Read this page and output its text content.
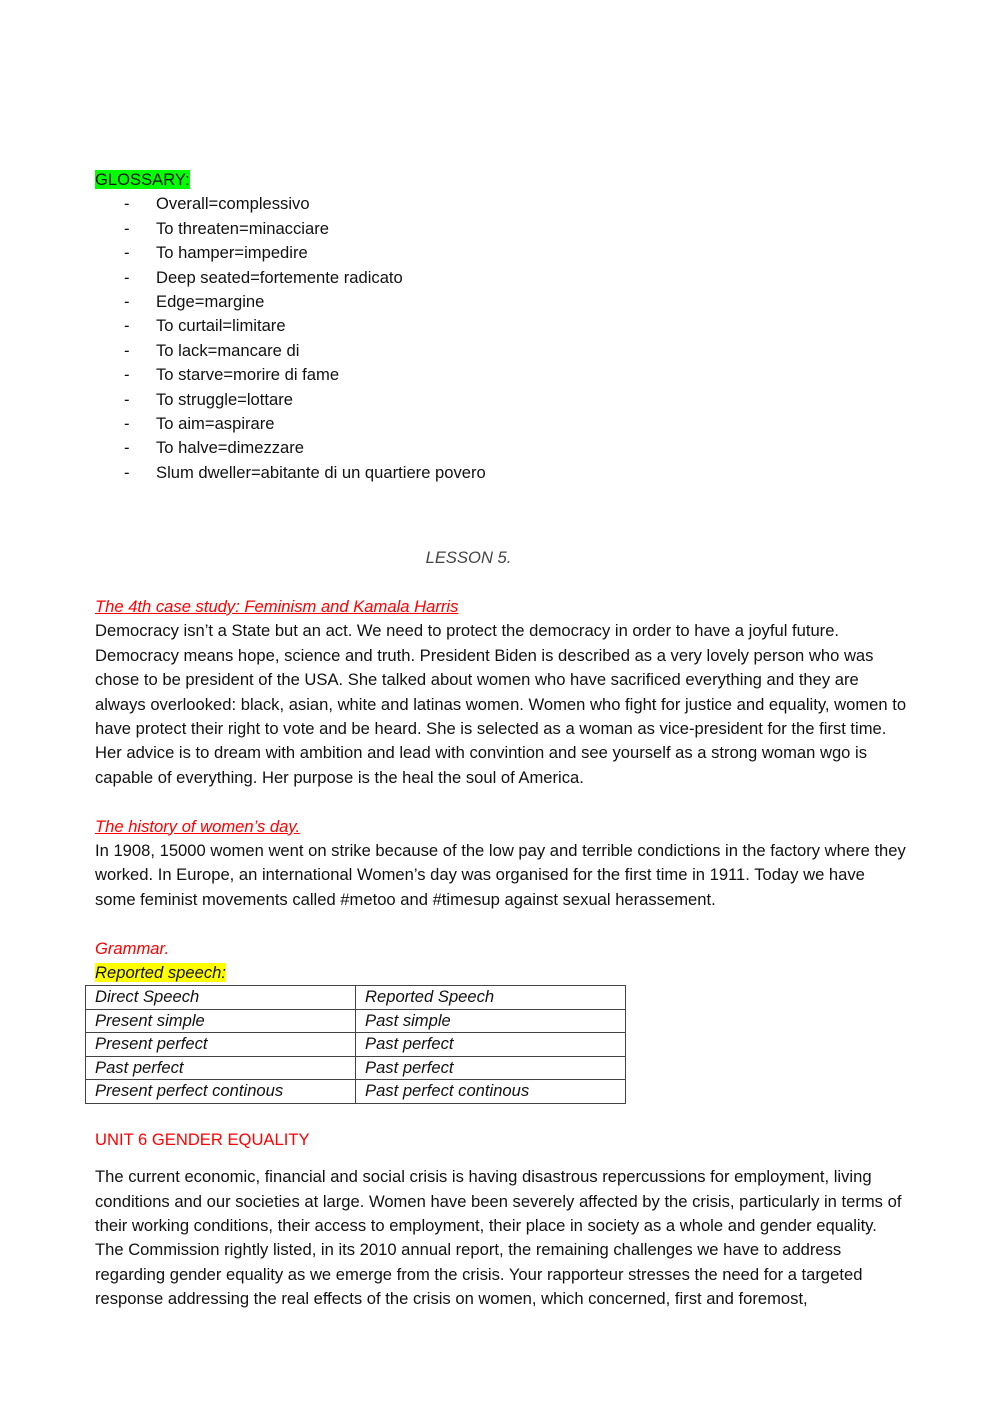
GLOSSARY:
- Overall=complessivo
- To threaten=minacciare
- To hamper=impedire
- Deep seated=fortemente radicato
- Edge=margine
- To curtail=limitare
- To lack=mancare di
- To starve=morire di fame
- To struggle=lottare
- To aim=aspirare
- To halve=dimezzare
- Slum dweller=abitante di un quartiere povero
LESSON 5.
The 4th case study: Feminism and Kamala Harris

Democracy isn’t a State but an act. We need to protect the democracy in order to have a joyful future. Democracy means hope, science and truth. President Biden is described as a very lovely person who was chose to be president of the USA. She talked about women who have sacrificed everything and they are always overlooked: black, asian, white and latinas women. Women who fight for justice and equality, women to have protect their right to vote and be heard. She is selected as a woman as vice-president for the first time. Her advice is to dream with ambition and lead with convintion and see yourself as a strong woman wgo is capable of everything. Her purpose is the heal the soul of America.

The history of women’s day.

In 1908, 15000 women went on strike because of the low pay and terrible condictions in the factory where they worked. In Europe, an international Women’s day was organised for the first time in 1911. Today we have some feminist movements called #metoo and #timesup against sexual herassement.

Grammar.
Reported speech:
Direct Speech	Reported Speech
Present simple	Past simple
Present perfect	Past perfect
Past perfect	Past perfect
Present perfect continous	Past perfect continous
UNIT 6 GENDER EQUALITY

The current economic, financial and social crisis is having disastrous repercussions for employment, living conditions and our societies at large. Women have been severely affected by the crisis, particularly in terms of their working conditions, their access to employment, their place in society as a whole and gender equality. The Commission rightly listed, in its 2010 annual report, the remaining challenges we have to address regarding gender equality as we emerge from the crisis. Your rapporteur stresses the need for a targeted response addressing the real effects of the crisis on women, which concerned, first and foremost,
